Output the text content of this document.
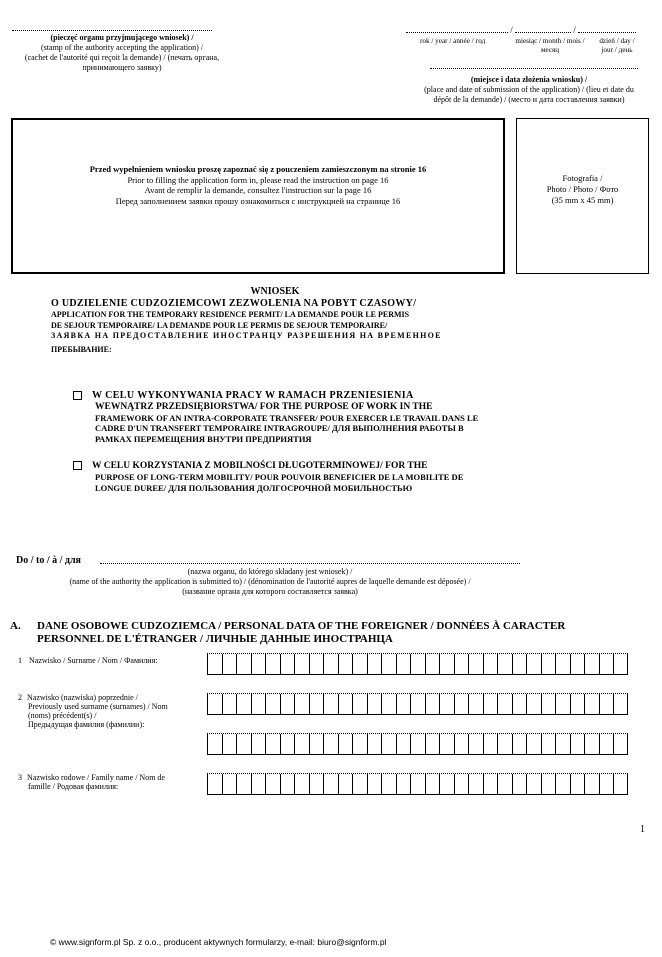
(pieczęć organu przyjmującego wniosek) /
(stamp of the authority accepting the application) /
(cachet de l'autorité qui reçoit la demande) / (печать органа,
принимающего заявку)
/	/
rok / year / année / год	miesiąc / month / mois / месяц
dzień / day / jour / день
(miejsce i data złożenia wniosku) /
(place and date of submission of the application) / (lieu et date du
dépôt de la demande) / (место и дата составления заявки)
Przed wypełnieniem wniosku proszę zapoznać się z pouczeniem zamieszczonym na stronie 16
Prior to filling the application form in, please read the instruction on page 16
Avant de remplir la demande, consultez l'instruction sur la page 16
Перед заполнением заявки прошу ознакомиться с инструкцией на странице 16
Fotografia /
Photo / Photo / Фото
(35 mm x 45 mm)
WNIOSEK
O UDZIELENIE CUDZOZIEMCOWI ZEZWOLENIA NA POBYT CZASOWY/
APPLICATION FOR THE TEMPORARY RESIDENCE PERMIT/ LA DEMANDE POUR LE PERMIS
DE SEJOUR TEMPORAIRE/ LA DEMANDE POUR LE PERMIS DE SEJOUR TEMPORAIRE/
ЗАЯВКА НА ПРЕДОСТАВЛЕНИЕ ИНОСТРАНЦУ РАЗРЕШЕНИЯ НА ВРЕМЕННОЕ
ПРЕБЫВАНИЕ:
W CELU WYKONYWANIA PRACY W RAMACH PRZENIESIENIA
WEWNĄTRZ PRZEDSIĘBIORSTWA/ FOR THE PURPOSE OF WORK IN THE
FRAMEWORK OF AN INTRA-CORPORATE TRANSFER/ POUR EXERCER LE TRAVAIL DANS LE
CADRE D'UN TRANSFERT TEMPORAIRE INTRAGROUPE/ ДЛЯ ВЫПОЛНЕНИЯ РАБОТЫ В
РАМКАХ ПЕРЕМЕЩЕНИЯ ВНУТРИ ПРЕДПРИЯТИЯ
W CELU KORZYSTANIA Z MOBILNOŚCI DŁUGOTERMINOWEJ/ FOR THE
PURPOSE OF LONG-TERM MOBILITY/ POUR POUVOIR BENEFICIER DE LA MOBILITE DE
LONGUE DUREE/ ДЛЯ ПОЛЬЗОВАНИЯ ДОЛГОСРОЧНОЙ МОБИЛЬНОСТЬЮ
Do / to / à / для
(nazwa organu, do którego składany jest wniosek) /
(name of the authority the application is submitted to) / (dénomination de l'autorité aupres de laquelle demande est déposée) /
(название органа для которого составляется заявка)
A. DANE OSOBOWE CUDZOZIEMCA / PERSONAL DATA OF THE FOREIGNER / DONNÉES À CARACTER
PERSONNEL DE L'ÉTRANGER / ЛИЧНЫЕ ДАННЫЕ ИНОСТРАНЦА
1 Nazwisko / Surname / Nom / Фамилия:
2 Nazwisko (nazwiska) poprzednie /
Previously used surname (surnames) / Nom
(noms) précédent(s) /
Предыдущая фамилия (фамилии):
3 Nazwisko rodowe / Family name / Nom de
famille / Родовая фамилия:
1
© www.signform.pl Sp. z o.o., producent aktywnych formularzy, e-mail: biuro@signform.pl
